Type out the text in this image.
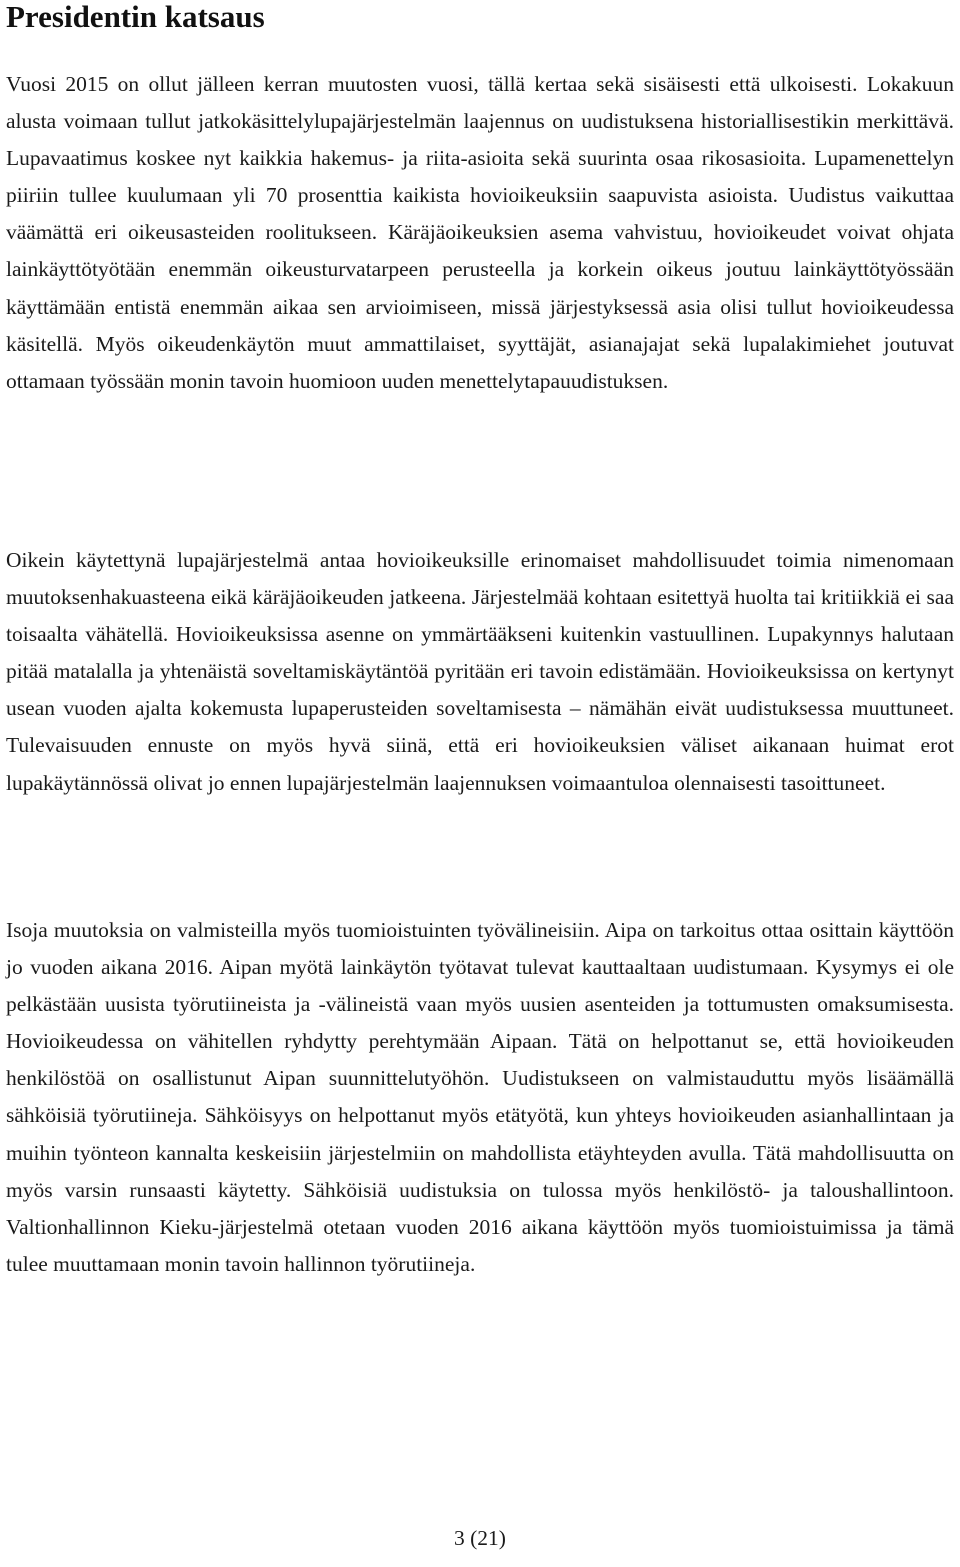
Presidentin katsaus

Vuosi 2015 on ollut jälleen kerran muutosten vuosi, tällä kertaa sekä sisäisesti että ulkoisesti. Lokakuun alusta voimaan tullut jatkokäsittelylupajärjestelmän laajennus on uudistuksena historiallisestikin merkittävä. Lupavaatimus koskee nyt kaikkia hakemus- ja riita-asioita sekä suurinta osaa rikosasioita. Lupamenettelyn piiriin tullee kuulumaan yli 70 prosenttia kaikista hovioikeuksiin saapuvista asioista. Uudistus vaikuttaa väämättä eri oikeusasteiden roolitukseen. Käräjäoikeuksien asema vahvistuu, hovioikeudet voivat ohjata lainkäyttötyötään enemmän oikeusturvatarpeen perusteella ja korkein oikeus joutuu lainkäyttötyössään käyttämään entistä enemmän aikaa sen arvioimiseen, missä järjestyksessä asia olisi tullut hovioikeudessa käsitellä. Myös oikeudenkäytön muut ammattilaiset, syyttäjät, asianajajat sekä lupalakimiehet joutuvat ottamaan työssään monin tavoin huomioon uuden menettelytapauudistuksen.

Oikein käytettynä lupajärjestelmä antaa hovioikeuksille erinomaiset mahdollisuudet toimia nimenomaan muutoksenhakuasteena eikä käräjäoikeuden jatkeena. Järjestelmää kohtaan esitettyä huolta tai kritiikkiä ei saa toisaalta vähätellä. Hovioikeuksissa asenne on ymmärtääkseni kuitenkin vastuullinen. Lupakynnys halutaan pitää matalalla ja yhtenäistä soveltamiskäytäntöä pyritään eri tavoin edistämään. Hovioikeuksissa on kertynyt usean vuoden ajalta kokemusta lupaperusteiden soveltamisesta – nämähän eivät uudistuksessa muuttuneet. Tulevaisuuden ennuste on myös hyvä siinä, että eri hovioikeuksien väliset aikanaan huimat erot lupakäytännössä olivat jo ennen lupajärjestelmän laajennuksen voimaantuloa olennaisesti tasoittuneet.

Isoja muutoksia on valmisteilla myös tuomioistuinten työvälineisiin. Aipa on tarkoitus ottaa osittain käyttöön jo vuoden aikana 2016. Aipan myötä lainkäytön työtavat tulevat kauttaaltaan uudistumaan. Kysymys ei ole pelkästään uusista työrutiineista ja -välineistä vaan myös uusien asenteiden ja tottumusten omaksumisesta. Hovioikeudessa on vähitellen ryhdytty perehtymään Aipaan. Tätä on helpottanut se, että hovioikeuden henkilöstöä on osallistunut Aipan suunnittelutyöhön. Uudistukseen on valmistauduttu myös lisäämällä sähköisiä työrutiineja. Sähköisyys on helpottanut myös etätyötä, kun yhteys hovioikeuden asianhallintaan ja muihin työnteon kannalta keskeisiin järjestelmiin on mahdollista etäyhteyden avulla. Tätä mahdollisuutta on myös varsin runsaasti käytetty. Sähköisiä uudistuksia on tulossa myös henkilöstö- ja taloushallintoon. Valtionhallinnon Kieku-järjestelmä otetaan vuoden 2016 aikana käyttöön myös tuomioistuimissa ja tämä tulee muuttamaan monin tavoin hallinnon työrutiineja.

3 (21)
